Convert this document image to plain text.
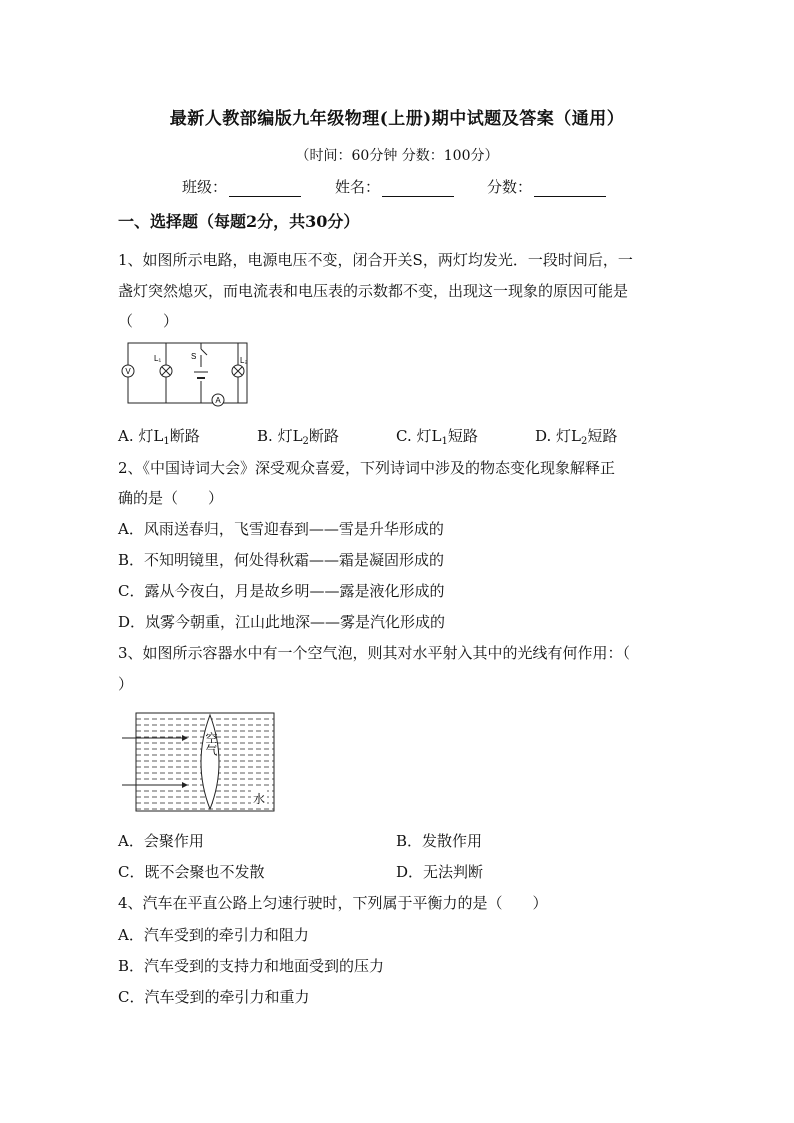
最新人教部编版九年级物理(上册)期中试题及答案（通用）
（时间：60分钟 分数：100分）
班级：	姓名：	分数：
一、选择题（每题2分，共30分）
1、如图所示电路，电源电压不变，闭合开关S，两灯均发光．一段时间后，一
盏灯突然熄灭，而电流表和电压表的示数都不变，出现这一现象的原因可能是
（　　）
V
A
L₁	S	L₂
A. 灯$L_1$断路	B. 灯$L_2$断路	C. 灯$L_1$短路	D. 灯$L_2$短路
2、《中国诗词大会》深受观众喜爱，下列诗词中涉及的物态变化现象解释正
确的是（　　）
A．风雨送春归，飞雪迎春到——雪是升华形成的
B．不知明镜里，何处得秋霜——霜是凝固形成的
C．露从今夜白，月是故乡明——露是液化形成的
D．岚雾今朝重，江山此地深——雾是汽化形成的
3、如图所示容器水中有一个空气泡，则其对水平射入其中的光线有何作用：（
）
空气
水
A．会聚作用	B．发散作用
C．既不会聚也不发散	D．无法判断
4、汽车在平直公路上匀速行驶时，下列属于平衡力的是（　　）
A．汽车受到的牵引力和阻力
B．汽车受到的支持力和地面受到的压力
C．汽车受到的牵引力和重力
